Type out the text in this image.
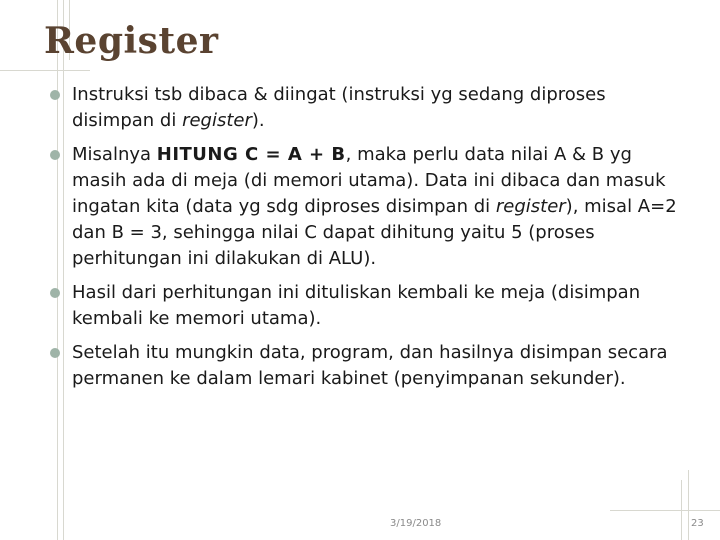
Register
Instruksi tsb dibaca & diingat (instruksi yg sedang diproses disimpan di register).
Misalnya HITUNG C = A + B, maka perlu data nilai A & B yg masih ada di meja (di memori utama). Data ini dibaca dan masuk ingatan kita (data yg sdg diproses disimpan di register), misal A=2 dan B = 3, sehingga nilai C dapat dihitung yaitu 5 (proses perhitungan ini dilakukan di ALU).
Hasil dari perhitungan ini dituliskan kembali ke meja (disimpan kembali ke memori utama).
Setelah itu mungkin data, program, dan hasilnya disimpan secara permanen ke dalam lemari kabinet (penyimpanan sekunder).
3/19/2018	23
